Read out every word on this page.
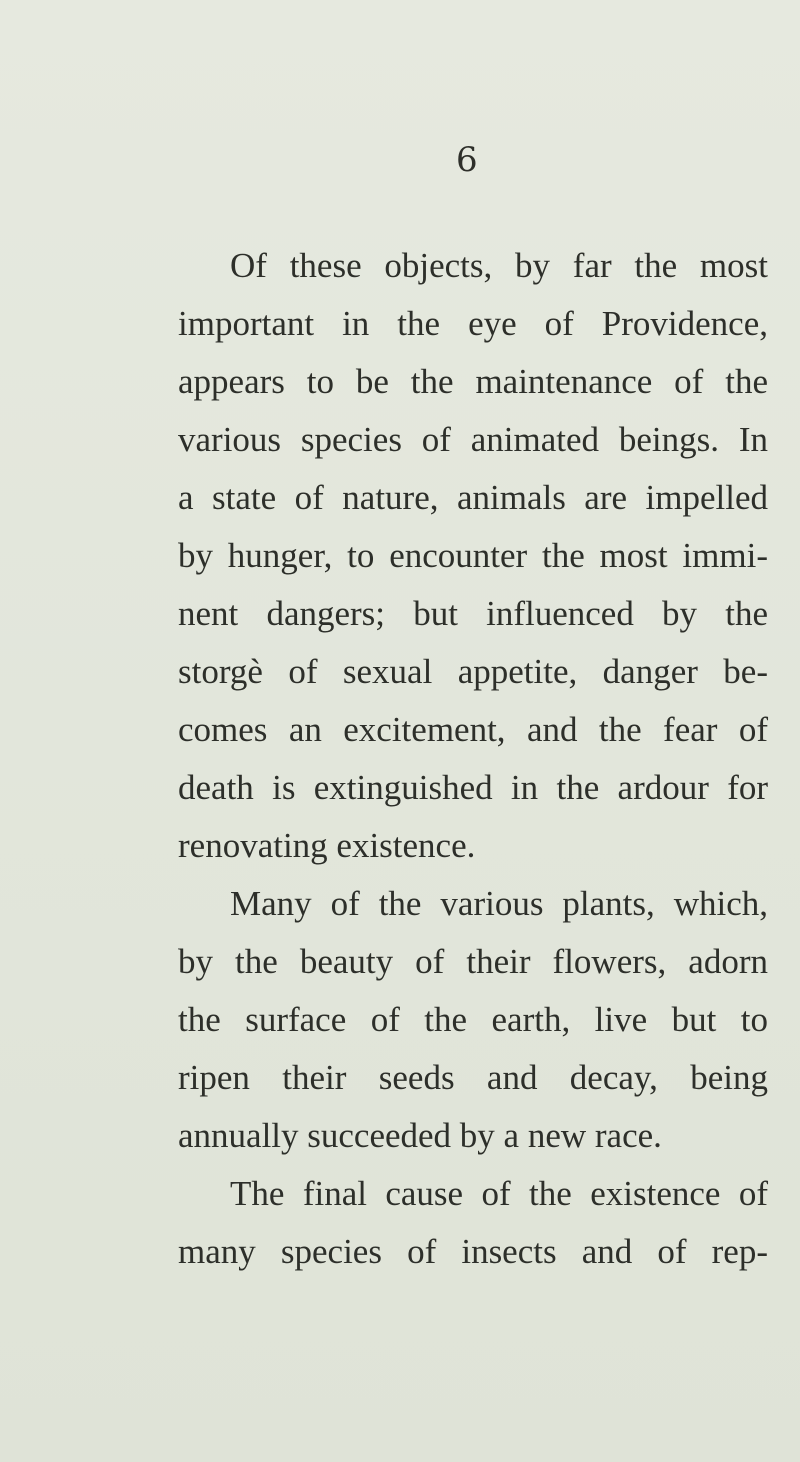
6
Of these objects, by far the most
important in the eye of Providence,
appears to be the maintenance of the
various species of animated beings. In
a state of nature, animals are impelled
by hunger, to encounter the most immi-
nent dangers; but influenced by the
storgè of sexual appetite, danger be-
comes an excitement, and the fear of
death is extinguished in the ardour for
renovating existence.
Many of the various plants, which,
by the beauty of their flowers, adorn
the surface of the earth, live but to
ripen their seeds and decay, being
annually succeeded by a new race.
The final cause of the existence of
many species of insects and of rep-
